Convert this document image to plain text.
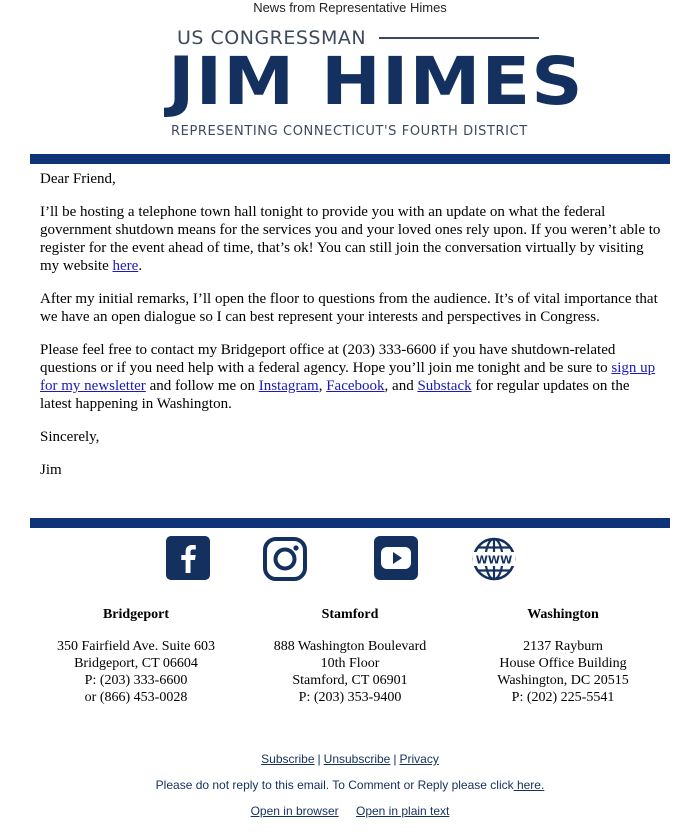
News from Representative Himes
US CONGRESSMAN
JIM HIMES
REPRESENTING CONNECTICUT'S FOURTH DISTRICT

Dear Friend,

I’ll be hosting a telephone town hall tonight to provide you with an update on what the federal government shutdown means for the services you and your loved ones rely upon. If you weren’t able to register for the event ahead of time, that’s ok! You can still join the conversation virtually by visiting my website here.

After my initial remarks, I’ll open the floor to questions from the audience. It’s of vital importance that we have an open dialogue so I can best represent your interests and perspectives in Congress.

Please feel free to contact my Bridgeport office at (203) 333-6600 if you have shutdown-related questions or if you need help with a federal agency. Hope you’ll join me tonight and be sure to sign up for my newsletter and follow me on Instagram, Facebook, and Substack for regular updates on the latest happening in Washington.

Sincerely,

Jim

WWW
Bridgeport
350 Fairfield Ave. Suite 603
Bridgeport, CT 06604
P: (203) 333-6600
or (866) 453-0028
Stamford
888 Washington Boulevard
10th Floor
Stamford, CT 06901
P: (203) 353-9400
Washington
2137 Rayburn
House Office Building
Washington, DC 20515
P: (202) 225-5541
Subscribe | Unsubscribe | Privacy
Please do not reply to this email. To Comment or Reply please click here.
Open in browser Open in plain text
